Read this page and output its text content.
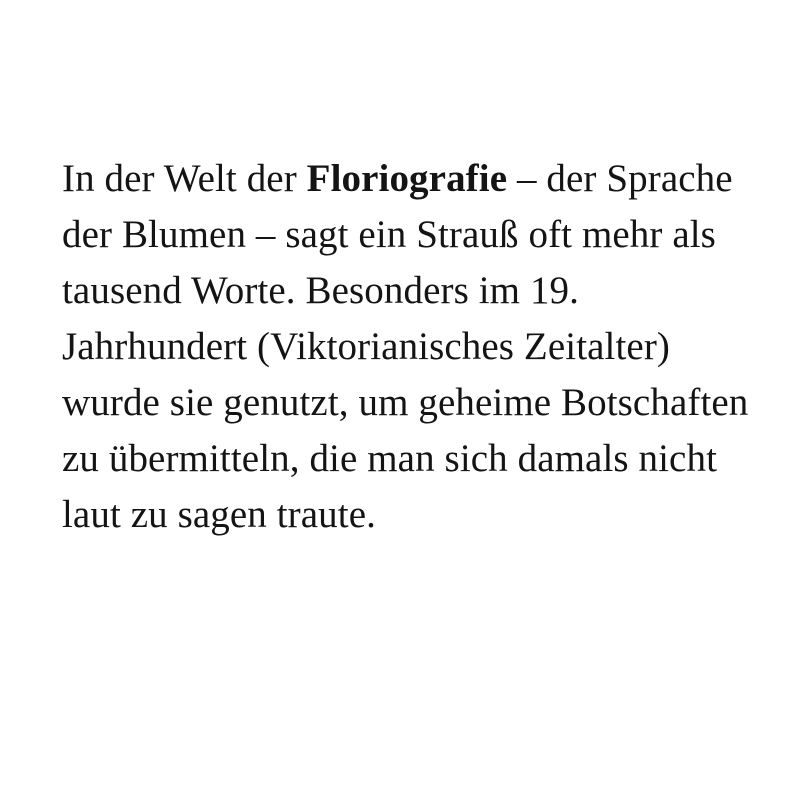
In der Welt der Floriografie – der Sprache der Blumen – sagt ein Strauß oft mehr als tausend Worte. Besonders im 19. Jahrhundert (Viktorianisches Zeitalter) wurde sie genutzt, um geheime Botschaften zu übermitteln, die man sich damals nicht laut zu sagen traute.
